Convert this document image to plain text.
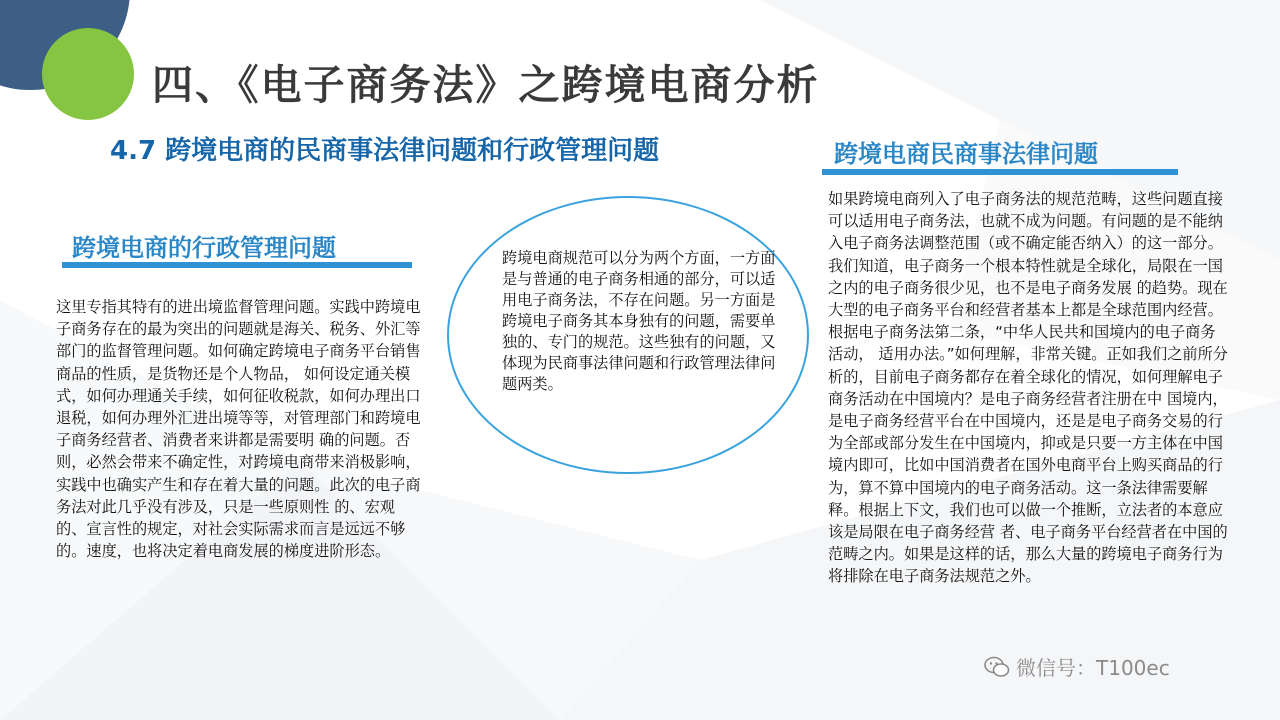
四、《电子商务法》之跨境电商分析
4.7 跨境电商的民商事法律问题和行政管理问题
跨境电商的行政管理问题

这里专指其特有的进出境监督管理问题。实践中跨境电子商务存在的最为突出的问题就是海关、税务、外汇等部门的监督管理问题。如何确定跨境电子商务平台销售商品的性质，是货物还是个人物品， 如何设定通关模式，如何办理通关手续，如何征收税款，如何办理出口退税，如何办理外汇进出境等等，对管理部门和跨境电子商务经营者、消费者来讲都是需要明 确的问题。否则，必然会带来不确定性，对跨境电商带来消极影响，实践中也确实产生和存在着大量的问题。此次的电子商务法对此几乎没有涉及，只是一些原则性 的、宏观的、宣言性的规定，对社会实际需求而言是远远不够的。速度，也将决定着电商发展的梯度进阶形态。

跨境电商规范可以分为两个方面，一方面是与普通的电子商务相通的部分，可以适用电子商务法，不存在问题。另一方面是跨境电子商务其本身独有的问题，需要单独的、专门的规范。这些独有的问题，又体现为民商事法律问题和行政管理法律问题两类。

跨境电商民商事法律问题

如果跨境电商列入了电子商务法的规范范畴，这些问题直接可以适用电子商务法，也就不成为问题。有问题的是不能纳 入电子商务法调整范围（或不确定能否纳入）的这一部分。我们知道，电子商务一个根本特性就是全球化，局限在一国之内的电子商务很少见，也不是电子商务发展 的趋势。现在大型的电子商务平台和经营者基本上都是全球范围内经营。根据电子商务法第二条，“中华人民共和国境内的电子商务活动， 适用办法。”如何理解，非常关键。正如我们之前所分析的，目前电子商务都存在着全球化的情况，如何理解电子商务活动在中国境内？是电子商务经营者注册在中 国境内，是电子商务经营平台在中国境内，还是是电子商务交易的行为全部或部分发生在中国境内，抑或是只要一方主体在中国境内即可，比如中国消费者在国外电商平台上购买商品的行为，算不算中国境内的电子商务活动。这一条法律需要解释。根据上下文，我们也可以做一个推断，立法者的本意应该是局限在电子商务经营 者、电子商务平台经营者在中国的范畴之内。如果是这样的话，那么大量的跨境电子商务行为将排除在电子商务法规范之外。

微信号：T100ec
